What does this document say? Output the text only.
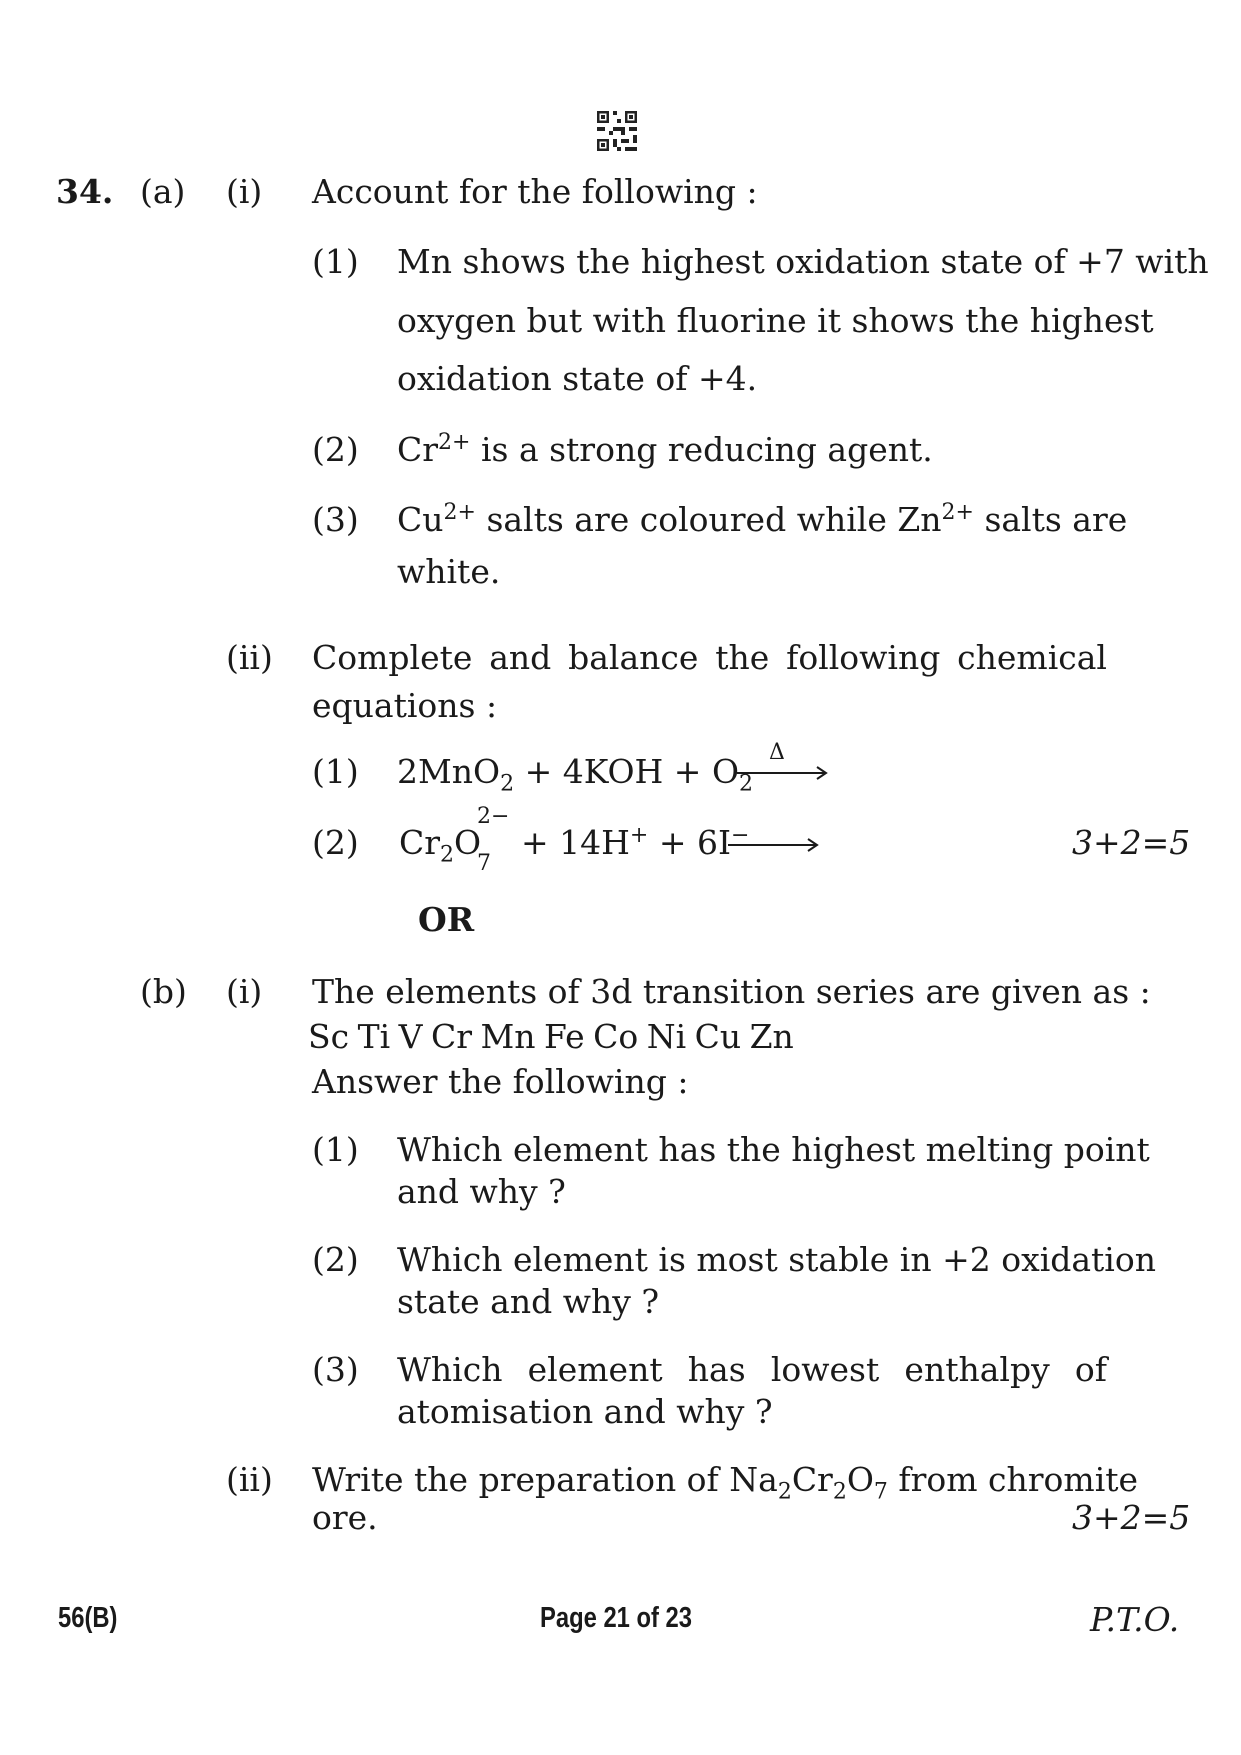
34. (a) (i) Account for the following :
(1) Mn shows the highest oxidation state of +7 with
oxygen but with fluorine it shows the highest
oxidation state of +4.
(2) $Cr^{2+}$ is a strong reducing agent.
(3) $Cu^{2+}$ salts are coloured while $Zn^{2+}$ salts are
white.
(ii) Complete and balance the following chemical
equations :
(1) $2MnO_2 + 4KOH + O_2$
Δ
(2) $Cr_2O$
2−
7
+ 14H+ + 6I−	3+2=5
OR
(b) (i) The elements of 3d transition series are given as :
Sc Ti V Cr Mn Fe Co Ni Cu Zn
Answer the following :
(1) Which element has the highest melting point
and why ?
(2) Which element is most stable in +2 oxidation
state and why ?
(3) Which element has lowest enthalpy of
atomisation and why ?
(ii) Write the preparation of $Na_2Cr_2O_7$ from chromite
ore.	3+2=5
56(B)	Page 21 of 23	P.T.O.
